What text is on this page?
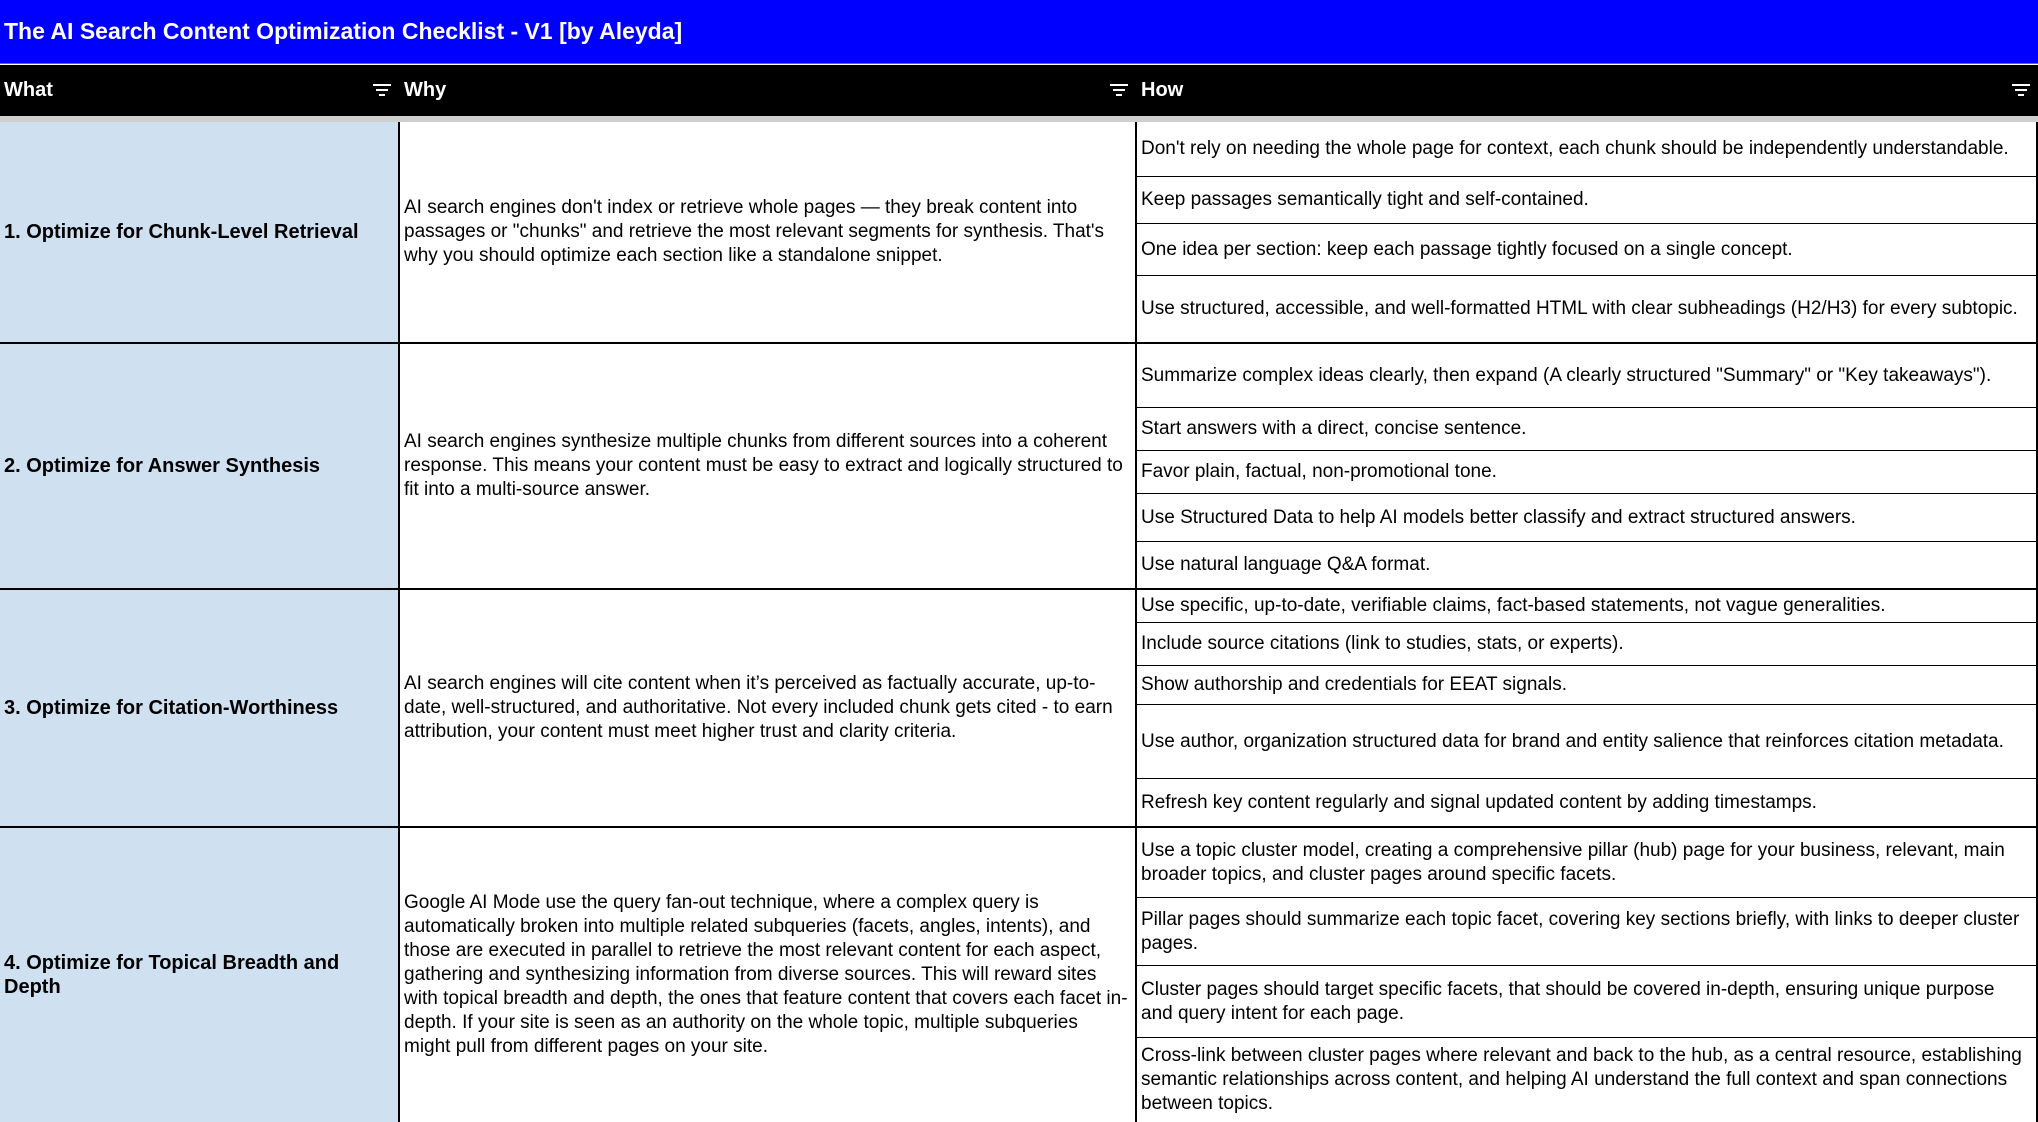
The AI Search Content Optimization Checklist - V1 [by Aleyda]
What	Why	How
1. Optimize for Chunk-Level Retrieval
AI search engines don't index or retrieve whole pages — they break content into passages or "chunks" and retrieve the most relevant segments for synthesis. That's why you should optimize each section like a standalone snippet.
Don't rely on needing the whole page for context, each chunk should be independently understandable.
Keep passages semantically tight and self-contained.
One idea per section: keep each passage tightly focused on a single concept.
Use structured, accessible, and well-formatted HTML with clear subheadings (H2/H3) for every subtopic.
2. Optimize for Answer Synthesis
AI search engines synthesize multiple chunks from different sources into a coherent response. This means your content must be easy to extract and logically structured to fit into a multi-source answer.
Summarize complex ideas clearly, then expand (A clearly structured "Summary" or "Key takeaways").
Start answers with a direct, concise sentence.
Favor plain, factual, non-promotional tone.
Use Structured Data to help AI models better classify and extract structured answers.
Use natural language Q&A format.
3. Optimize for Citation-Worthiness
AI search engines will cite content when it’s perceived as factually accurate, up-to-date, well-structured, and authoritative. Not every included chunk gets cited - to earn attribution, your content must meet higher trust and clarity criteria.
Use specific, up-to-date, verifiable claims, fact-based statements, not vague generalities.
Include source citations (link to studies, stats, or experts).
Show authorship and credentials for EEAT signals.
Use author, organization structured data for brand and entity salience that reinforces citation metadata.
Refresh key content regularly and signal updated content by adding timestamps.
4. Optimize for Topical Breadth and Depth
Google AI Mode use the query fan-out technique, where a complex query is automatically broken into multiple related subqueries (facets, angles, intents), and those are executed in parallel to retrieve the most relevant content for each aspect, gathering and synthesizing information from diverse sources. This will reward sites with topical breadth and depth, the ones that feature content that covers each facet in-depth. If your site is seen as an authority on the whole topic, multiple subqueries might pull from different pages on your site.
Use a topic cluster model, creating a comprehensive pillar (hub) page for your business, relevant, main broader topics, and cluster pages around specific facets.
Pillar pages should summarize each topic facet, covering key sections briefly, with links to deeper cluster pages.
Cluster pages should target specific facets, that should be covered in-depth, ensuring unique purpose and query intent for each page.
Cross-link between cluster pages where relevant and back to the hub, as a central resource, establishing semantic relationships across content, and helping AI understand the full context and span connections between topics.
